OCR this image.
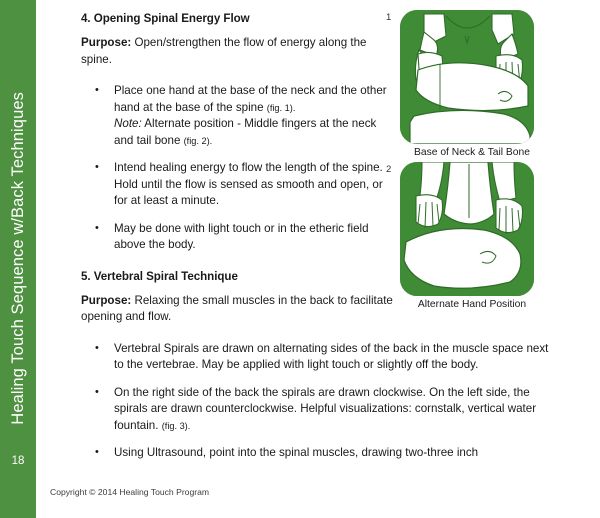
Healing Touch Sequence w/Back Techniques
18
4. Opening Spinal Energy Flow

Purpose: Open/strengthen the flow of energy along the spine.

• Place one hand at the base of the neck and the other hand at the base of the spine (fig. 1).
Note: Alternate position - Middle fingers at the neck and tail bone (fig. 2).
• Intend healing energy to flow the length of the spine. Hold until the flow is sensed as smooth and open, or for at least a minute.
• May be done with light touch or in the etheric field above the body.
5. Vertebral Spiral Technique

Purpose: Relaxing the small muscles in the back to facilitate opening and flow.

• Vertebral Spirals are drawn on alternating sides of the back in the muscle space next to the vertebrae. May be applied with light touch or slightly off the body.
• On the right side of the back the spirals are drawn clockwise. On the left side, the spirals are drawn counterclockwise. Helpful visualizations: cornstalk, vertical water fountain. (fig. 3).
• Using Ultrasound, point into the spinal muscles, drawing two-three inch
1
Base of Neck & Tail Bone
2
Alternate Hand Position
Copyright © 2014 Healing Touch Program
